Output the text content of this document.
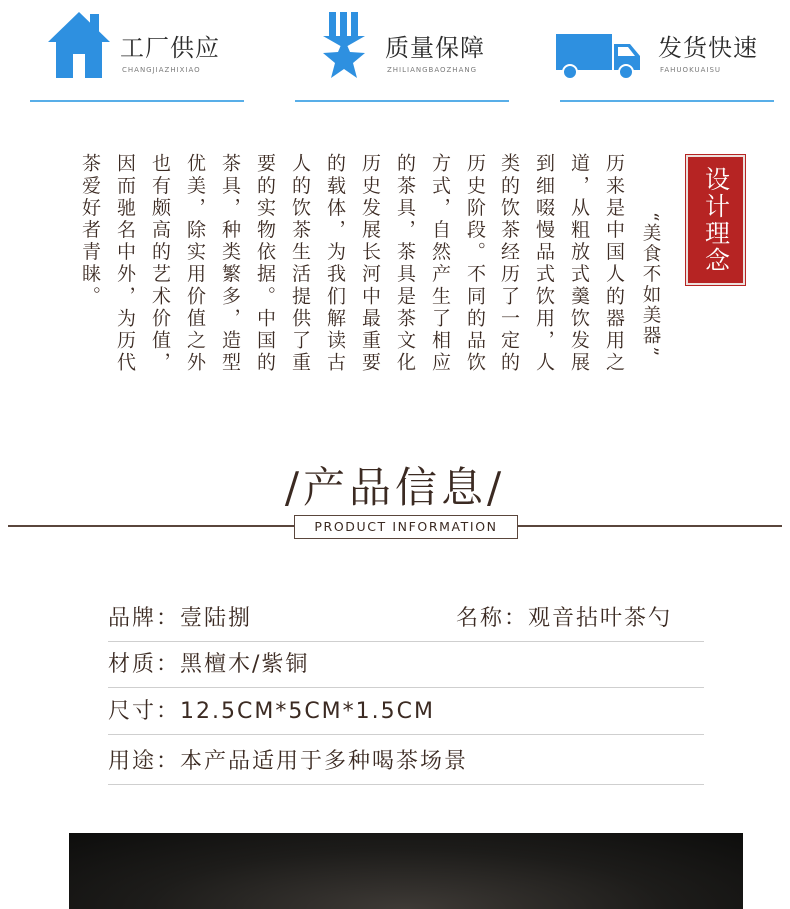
工厂供应
CHANGJIAZHIXIAO
质量保障
ZHILIANGBAOZHANG
发货快速
FAHUOKUAISU
设计理念
“美食不如美器”
历来是中国人的器用之
道，从粗放式羹饮发展
到细啜慢品式饮用，人
类的饮茶经历了一定的
历史阶段。不同的品饮
方式，自然产生了相应
的茶具，茶具是茶文化
历史发展长河中最重要
的载体，为我们解读古
人的饮茶生活提供了重
要的实物依据。中国的
茶具，种类繁多，造型
优美，除实用价值之外
也有颇高的艺术价值，
因而驰名中外，为历代
茶爱好者青睐。
/产品信息/
PRODUCT INFORMATION
品牌：壹陆捌	名称：观音拈叶茶勺
材质：黑檀木/紫铜
尺寸：12.5CM*5CM*1.5CM
用途：本产品适用于多种喝茶场景
